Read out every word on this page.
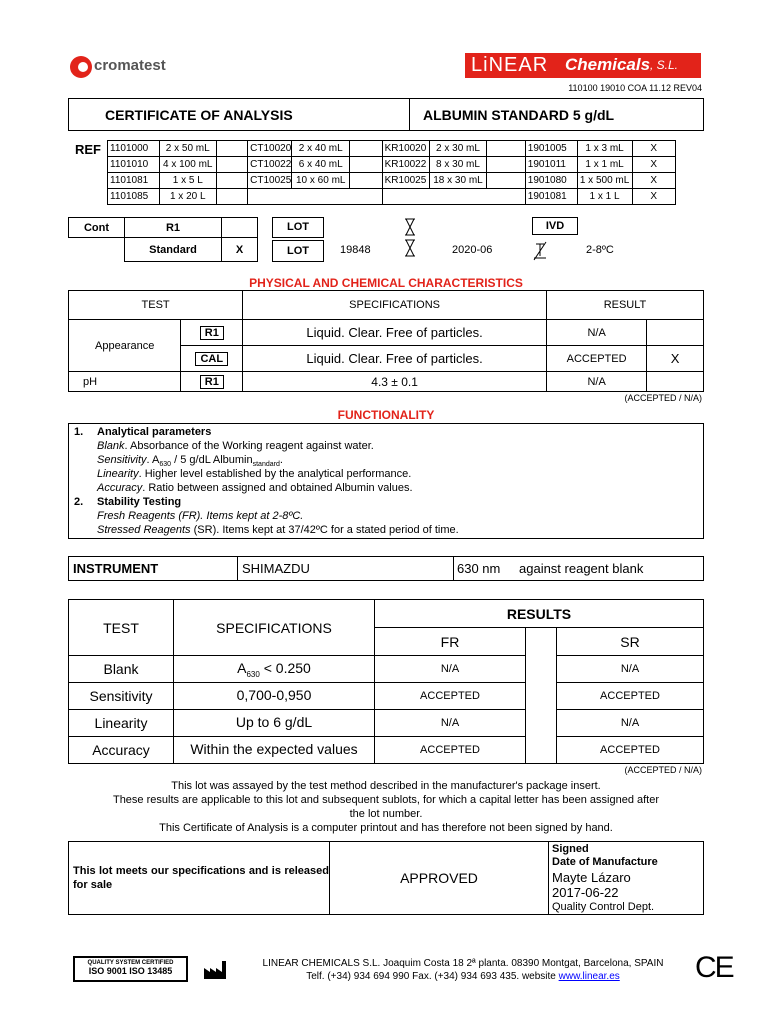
cromatest	LiNEAR Chemicals , S.L.
110100 19010 COA 11.12 REV04
CERTIFICATE OF ANALYSIS	ALBUMIN STANDARD 5 g/dL
REF 1101000	2 x 50 mL		CT10020	2 x 40 mL		KR10020	2 x 30 mL		1901005	1 x 3 mL	X
1101010	4 x 100 mL		CT10022	6 x 40 mL		KR10022	8 x 30 mL		1901011	1 x 1 mL	X
1101081	1 x 5 L		CT10025	10 x 60 mL		KR10025	18 x 30 mL		1901080	1 x 500 mL	X
1101085	1 x 20 L								1901081	1 x 1 L	X
Cont	R1	
	Standard	X
LOT
LOT	19848	2020-06
IVD
2-8ºC
PHYSICAL AND CHEMICAL CHARACTERISTICS
TEST		SPECIFICATIONS	RESULT	
Appearance	R1	Liquid. Clear. Free of particles.	N/A	
	CAL	Liquid. Clear. Free of particles.	ACCEPTED	X
pH	R1	4.3 ± 0.1	N/A	
(ACCEPTED / N/A)
FUNCTIONALITY
1. Analytical parameters
Blank. Absorbance of the Working reagent against water.
Sensitivity. $A_{630} / 5$ g/dL Albumin$_{standard}$.
Linearity. Higher level established by the analytical performance.
Accuracy. Ratio between assigned and obtained Albumin values.
2. Stability Testing
Fresh Reagents (FR). Items kept at 2-8ºC.
Stressed Reagents (SR). Items kept at 37/42ºC for a stated period of time.
INSTRUMENT	SHIMAZDU	630 nm against reagent blank
TEST	SPECIFICATIONS	RESULTS		
		FR		SR
Blank	$A_{630} < 0.250$	N/A		N/A
Sensitivity	0,700-0,950	ACCEPTED		ACCEPTED
Linearity	Up to 6 g/dL	N/A		N/A
Accuracy	Within the expected values	ACCEPTED		ACCEPTED
(ACCEPTED / N/A)
This lot was assayed by the test method described in the manufacturer's package insert.
These results are applicable to this lot and subsequent sublots, for which a capital letter has been assigned after
the lot number.
This Certificate of Analysis is a computer printout and has therefore not been signed by hand.
This lot meets our specifications and is released for sale	APPROVED
Signed
Date of Manufacture
Mayte Lázaro
2017-06-22
Quality Control Dept.
QUALITY SYSTEM CERTIFIED
ISO 9001 ISO 13485
LINEAR CHEMICALS S.L. Joaquim Costa 18 2ª planta. 08390 Montgat, Barcelona, SPAIN
Telf. (+34) 934 694 990 Fax. (+34) 934 693 435. website www.linear.es	CE
